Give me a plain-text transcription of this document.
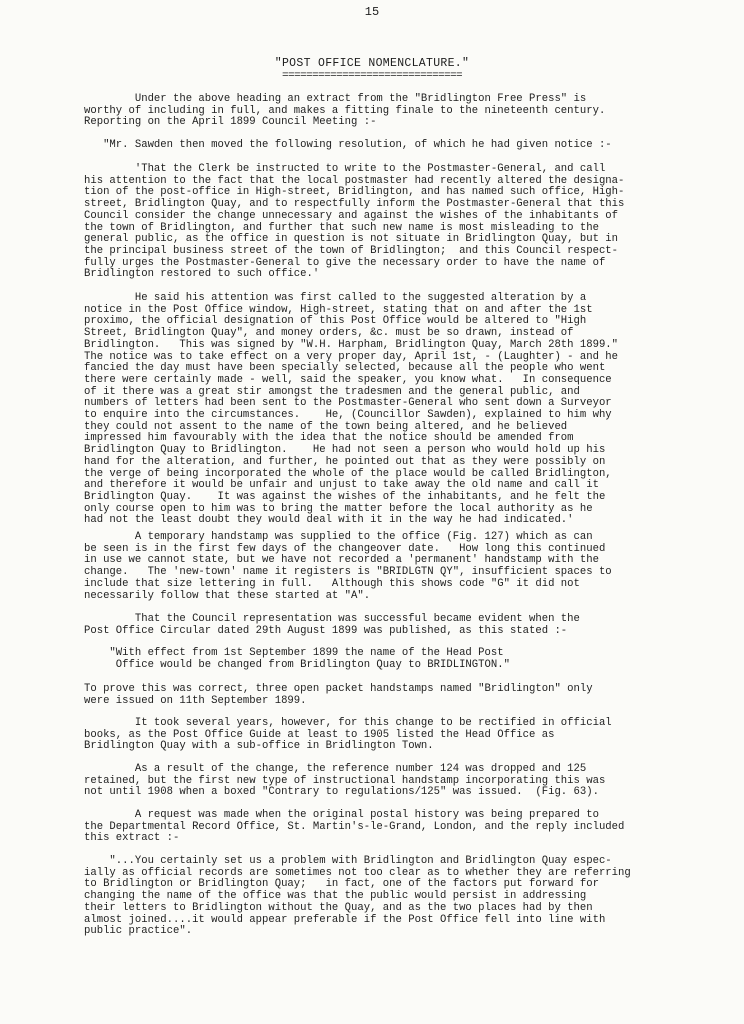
15
"POST OFFICE NOMENCLATURE."
==============================

Under the above heading an extract from the "Bridlington Free Press" is
worthy of including in full, and makes a fitting finale to the nineteenth century.
Reporting on the April 1899 Council Meeting :-

"Mr. Sawden then moved the following resolution, of which he had given notice :-

'That the Clerk be instructed to write to the Postmaster-General, and call
his attention to the fact that the local postmaster had recently altered the designa-
tion of the post-office in High-street, Bridlington, and has named such office, High-
street, Bridlington Quay, and to respectfully inform the Postmaster-General that this
Council consider the change unnecessary and against the wishes of the inhabitants of
the town of Bridlington, and further that such new name is most misleading to the
general public, as the office in question is not situate in Bridlington Quay, but in
the principal business street of the town of Bridlington;  and this Council respect-
fully urges the Postmaster-General to give the necessary order to have the name of
Bridlington restored to such office.'

He said his attention was first called to the suggested alteration by a
notice in the Post Office window, High-street, stating that on and after the 1st
proximo, the official designation of this Post Office would be altered to "High
Street, Bridlington Quay", and money orders, &c. must be so drawn, instead of
Bridlington.   This was signed by "W.H. Harpham, Bridlington Quay, March 28th 1899."
The notice was to take effect on a very proper day, April 1st, - (Laughter) - and he
fancied the day must have been specially selected, because all the people who went
there were certainly made - well, said the speaker, you know what.   In consequence
of it there was a great stir amongst the tradesmen and the general public, and
numbers of letters had been sent to the Postmaster-General who sent down a Surveyor
to enquire into the circumstances.    He, (Councillor Sawden), explained to him why
they could not assent to the name of the town being altered, and he believed
impressed him favourably with the idea that the notice should be amended from
Bridlington Quay to Bridlington.    He had not seen a person who would hold up his
hand for the alteration, and further, he pointed out that as they were possibly on
the verge of being incorporated the whole of the place would be called Bridlington,
and therefore it would be unfair and unjust to take away the old name and call it
Bridlington Quay.    It was against the wishes of the inhabitants, and he felt the
only course open to him was to bring the matter before the local authority as he
had not the least doubt they would deal with it in the way he had indicated.'

A temporary handstamp was supplied to the office (Fig. 127) which as can
be seen is in the first few days of the changeover date.   How long this continued
in use we cannot state, but we have not recorded a 'permanent' handstamp with the
change.   The 'new-town' name it registers is "BRIDLGTN QY", insufficient spaces to
include that size lettering in full.   Although this shows code "G" it did not
necessarily follow that these started at "A".

That the Council representation was successful became evident when the
Post Office Circular dated 29th August 1899 was published, as this stated :-

"With effect from 1st September 1899 the name of the Head Post
Office would be changed from Bridlington Quay to BRIDLINGTON."

To prove this was correct, three open packet handstamps named "Bridlington" only
were issued on 11th September 1899.

It took several years, however, for this change to be rectified in official
books, as the Post Office Guide at least to 1905 listed the Head Office as
Bridlington Quay with a sub-office in Bridlington Town.

As a result of the change, the reference number 124 was dropped and 125
retained, but the first new type of instructional handstamp incorporating this was
not until 1908 when a boxed "Contrary to regulations/125" was issued.  (Fig. 63).

A request was made when the original postal history was being prepared to
the Departmental Record Office, St. Martin's-le-Grand, London, and the reply included
this extract :-

"...You certainly set us a problem with Bridlington and Bridlington Quay espec-
ially as official records are sometimes not too clear as to whether they are referring
to Bridlington or Bridlington Quay;   in fact, one of the factors put forward for
changing the name of the office was that the public would persist in addressing
their letters to Bridlington without the Quay, and as the two places had by then
almost joined....it would appear preferable if the Post Office fell into line with
public practice".
